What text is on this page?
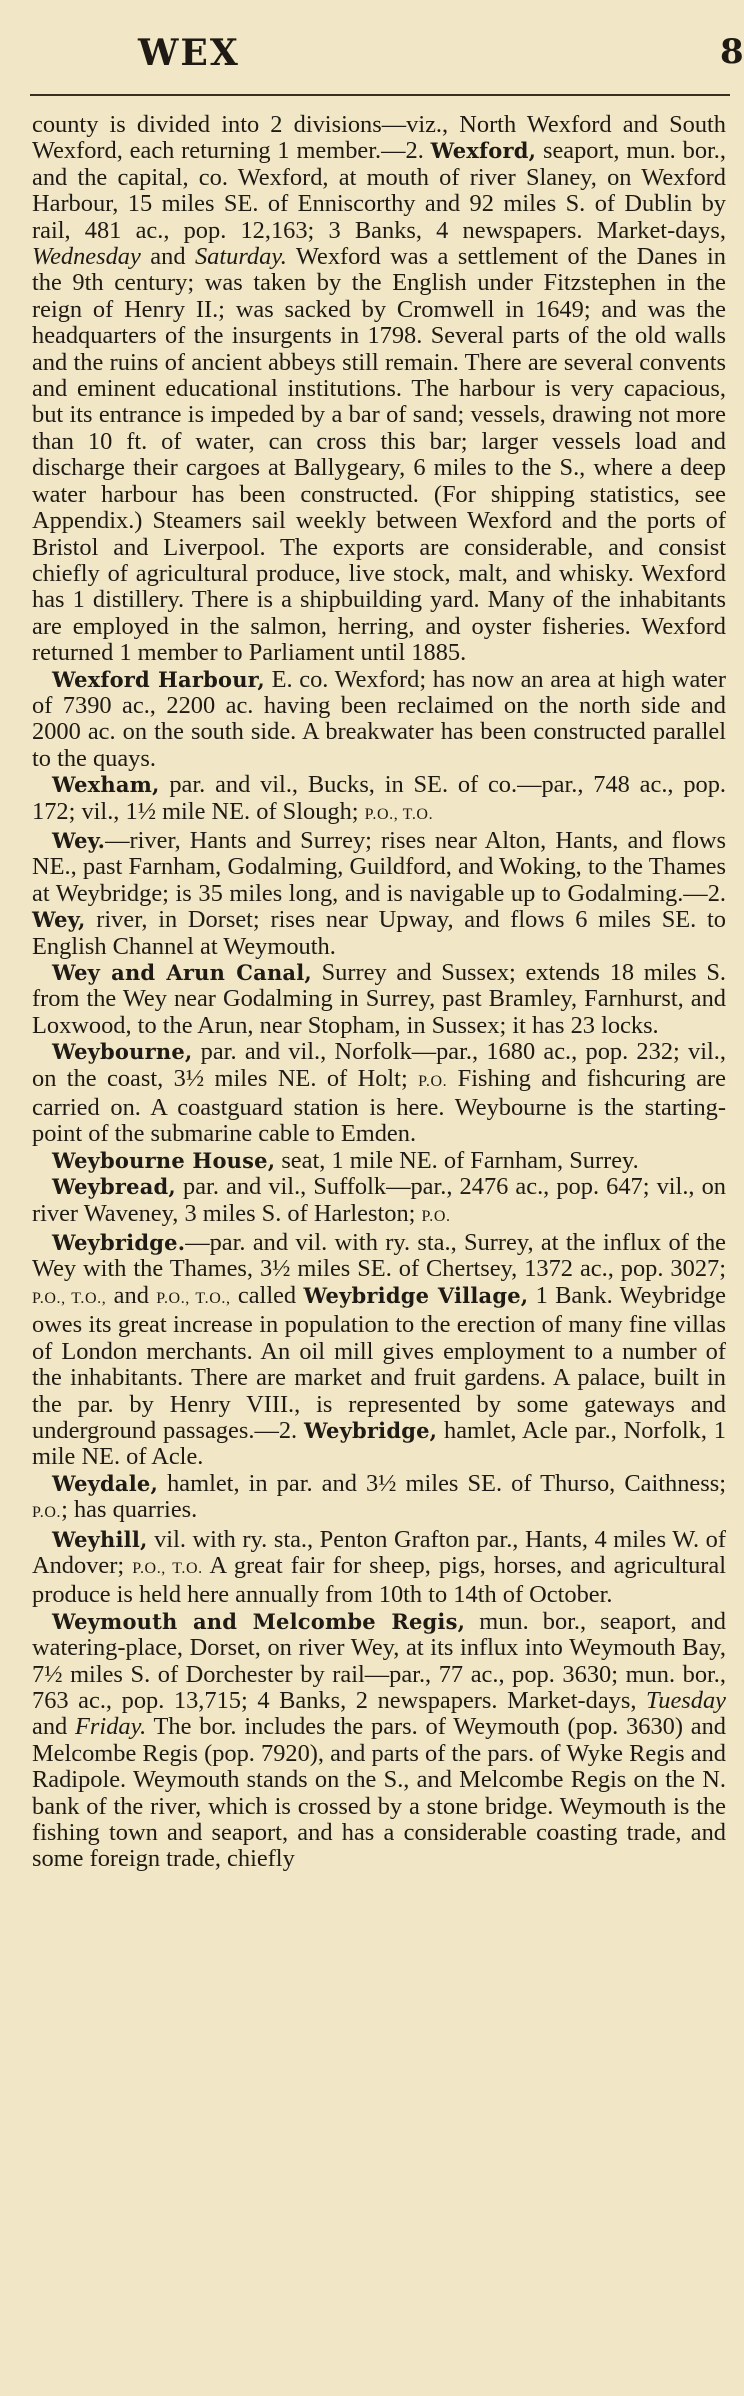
WEX	8

county is divided into 2 divisions—viz., North Wexford and South Wexford, each returning 1 member.—2. Wexford, seaport, mun. bor., and the capital, co. Wexford, at mouth of river Slaney, on Wexford Harbour, 15 miles SE. of Enniscorthy and 92 miles S. of Dublin by rail, 481 ac., pop. 12,163; 3 Banks, 4 newspapers. Market-days, Wednesday and Saturday. Wexford was a settlement of the Danes in the 9th century; was taken by the English under Fitzstephen in the reign of Henry II.; was sacked by Cromwell in 1649; and was the headquarters of the insurgents in 1798. Several parts of the old walls and the ruins of ancient abbeys still remain. There are several convents and eminent educational institutions. The harbour is very capacious, but its entrance is impeded by a bar of sand; vessels, drawing not more than 10 ft. of water, can cross this bar; larger vessels load and discharge their cargoes at Ballygeary, 6 miles to the S., where a deep water harbour has been constructed. (For shipping statistics, see Appendix.) Steamers sail weekly between Wexford and the ports of Bristol and Liverpool. The exports are considerable, and consist chiefly of agricultural produce, live stock, malt, and whisky. Wexford has 1 distillery. There is a shipbuilding yard. Many of the inhabitants are employed in the salmon, herring, and oyster fisheries. Wexford returned 1 member to Parliament until 1885.

Wexford Harbour, E. co. Wexford; has now an area at high water of 7390 ac., 2200 ac. having been reclaimed on the north side and 2000 ac. on the south side. A breakwater has been constructed parallel to the quays.

Wexham, par. and vil., Bucks, in SE. of co.—par., 748 ac., pop. 172; vil., 1½ mile NE. of Slough; P.O., T.O.

Wey.—river, Hants and Surrey; rises near Alton, Hants, and flows NE., past Farnham, Godalming, Guildford, and Woking, to the Thames at Weybridge; is 35 miles long, and is navigable up to Godalming.—2. Wey, river, in Dorset; rises near Upway, and flows 6 miles SE. to English Channel at Weymouth.

Wey and Arun Canal, Surrey and Sussex; extends 18 miles S. from the Wey near Godalming in Surrey, past Bramley, Farnhurst, and Loxwood, to the Arun, near Stopham, in Sussex; it has 23 locks.

Weybourne, par. and vil., Norfolk—par., 1680 ac., pop. 232; vil., on the coast, 3½ miles NE. of Holt; P.O. Fishing and fishcuring are carried on. A coastguard station is here. Weybourne is the starting-point of the submarine cable to Emden.

Weybourne House, seat, 1 mile NE. of Farnham, Surrey.

Weybread, par. and vil., Suffolk—par., 2476 ac., pop. 647; vil., on river Waveney, 3 miles S. of Harleston; P.O.

Weybridge.—par. and vil. with ry. sta., Surrey, at the influx of the Wey with the Thames, 3½ miles SE. of Chertsey, 1372 ac., pop. 3027; P.O., T.O., and P.O., T.O., called Weybridge Village, 1 Bank. Weybridge owes its great increase in population to the erection of many fine villas of London merchants. An oil mill gives employment to a number of the inhabitants. There are market and fruit gardens. A palace, built in the par. by Henry VIII., is represented by some gateways and underground passages.—2. Weybridge, hamlet, Acle par., Norfolk, 1 mile NE. of Acle.

Weydale, hamlet, in par. and 3½ miles SE. of Thurso, Caithness; P.O.; has quarries.

Weyhill, vil. with ry. sta., Penton Grafton par., Hants, 4 miles W. of Andover; P.O., T.O. A great fair for sheep, pigs, horses, and agricultural produce is held here annually from 10th to 14th of October.

Weymouth and Melcombe Regis, mun. bor., seaport, and watering-place, Dorset, on river Wey, at its influx into Weymouth Bay, 7½ miles S. of Dorchester by rail—par., 77 ac., pop. 3630; mun. bor., 763 ac., pop. 13,715; 4 Banks, 2 newspapers. Market-days, Tuesday and Friday. The bor. includes the pars. of Weymouth (pop. 3630) and Melcombe Regis (pop. 7920), and parts of the pars. of Wyke Regis and Radipole. Weymouth stands on the S., and Melcombe Regis on the N. bank of the river, which is crossed by a stone bridge. Weymouth is the fishing town and seaport, and has a considerable coasting trade, and some foreign trade, chiefly
